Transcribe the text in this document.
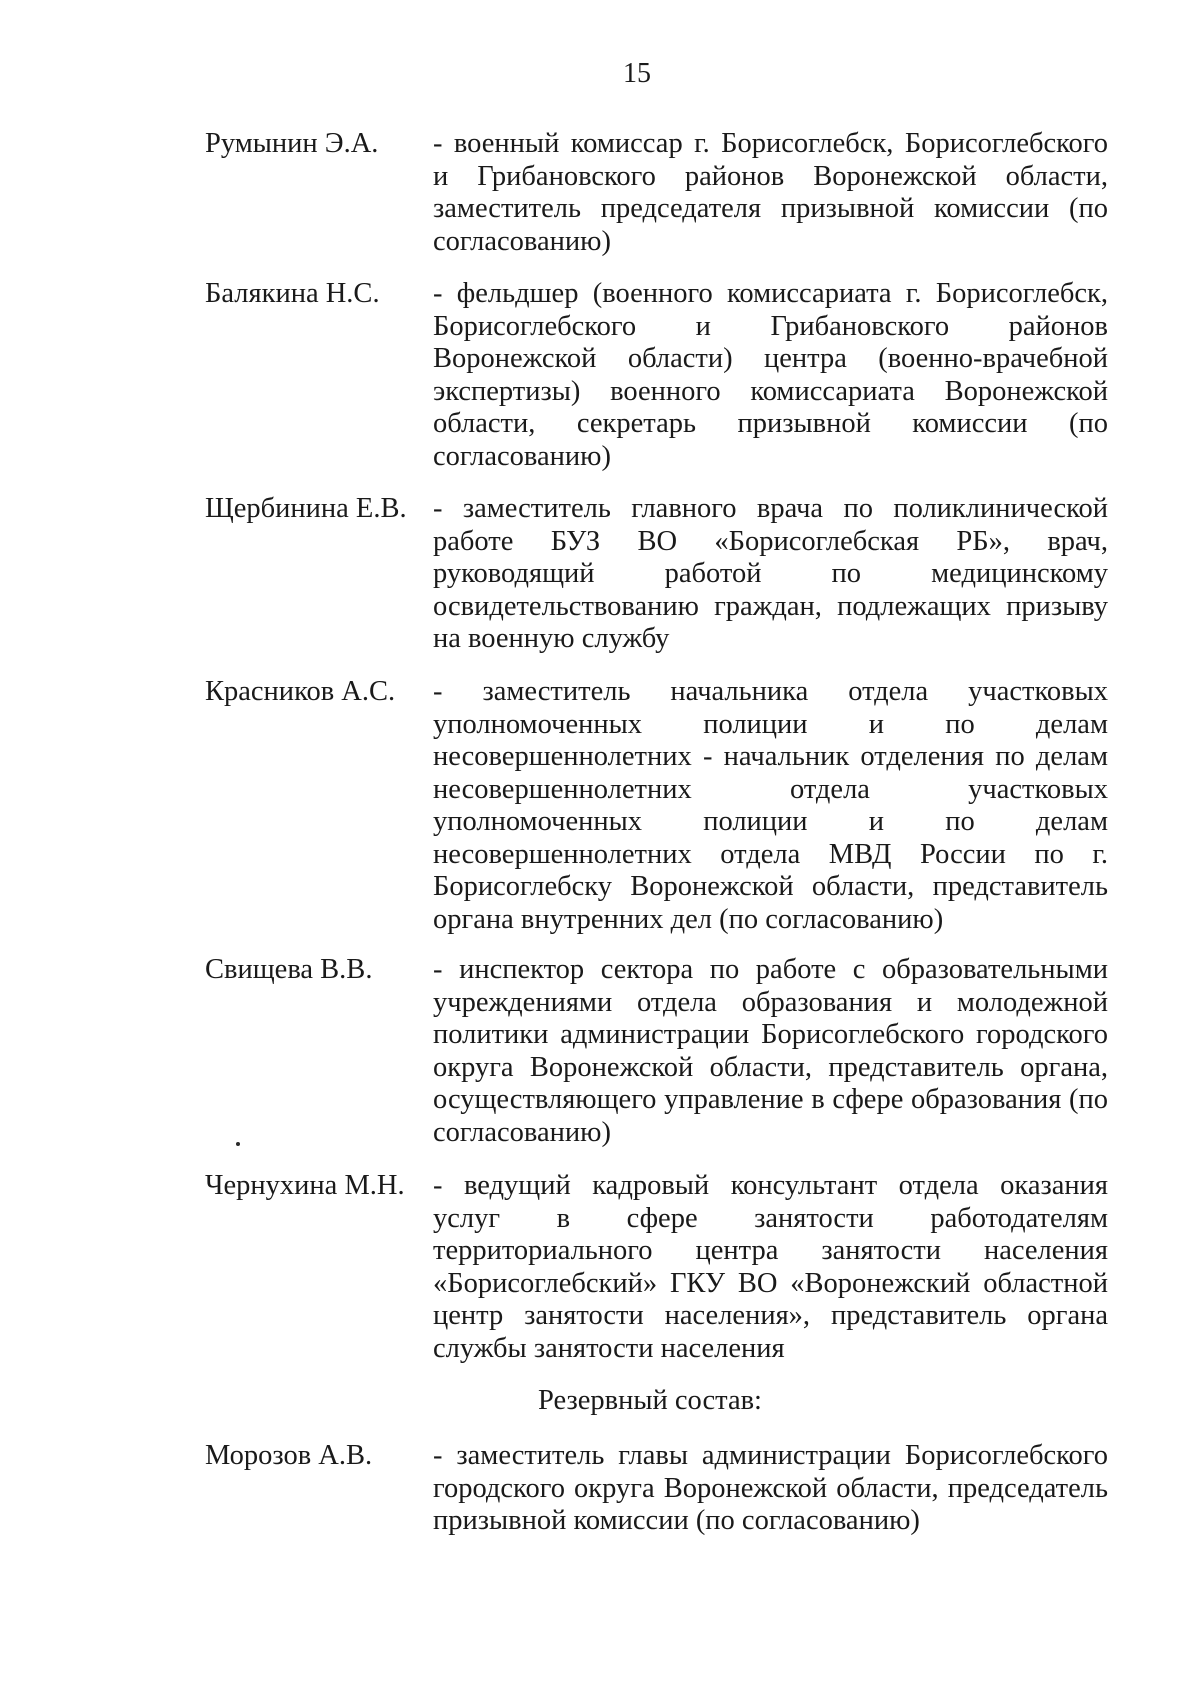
15
Румынин Э.А. - военный комиссар г. Борисоглебск, Борисоглебского и Грибановского районов Воронежской области, заместитель председателя призывной комиссии (по согласованию)
Балякина Н.С. - фельдшер (военного комиссариата г. Борисоглебск, Борисоглебского и Грибановского районов Воронежской области) центра (военно-врачебной экспертизы) военного комиссариата Воронежской области, секретарь призывной комиссии (по согласованию)
Щербинина Е.В. - заместитель главного врача по поликлинической работе БУЗ ВО «Борисоглебская РБ», врач, руководящий работой по медицинскому освидетельствованию граждан, подлежащих призыву на военную службу
Красников А.С. - заместитель начальника отдела участковых уполномоченных полиции и по делам несовершеннолетних - начальник отделения по делам несовершеннолетних отдела участковых уполномоченных полиции и по делам несовершеннолетних отдела МВД России по г. Борисоглебску Воронежской области, представитель органа внутренних дел (по согласованию)
Свищева В.В. - инспектор сектора по работе с образовательными учреждениями отдела образования и молодежной политики администрации Борисоглебского городского округа Воронежской области, представитель органа, осуществляющего управление в сфере образования (по согласованию)
Чернухина М.Н. - ведущий кадровый консультант отдела оказания услуг в сфере занятости работодателям территориального центра занятости населения «Борисоглебский» ГКУ ВО «Воронежский областной центр занятости населения», представитель органа службы занятости населения
Резервный состав:
Морозов А.В. - заместитель главы администрации Борисоглебского городского округа Воронежской области, председатель призывной комиссии (по согласованию)
